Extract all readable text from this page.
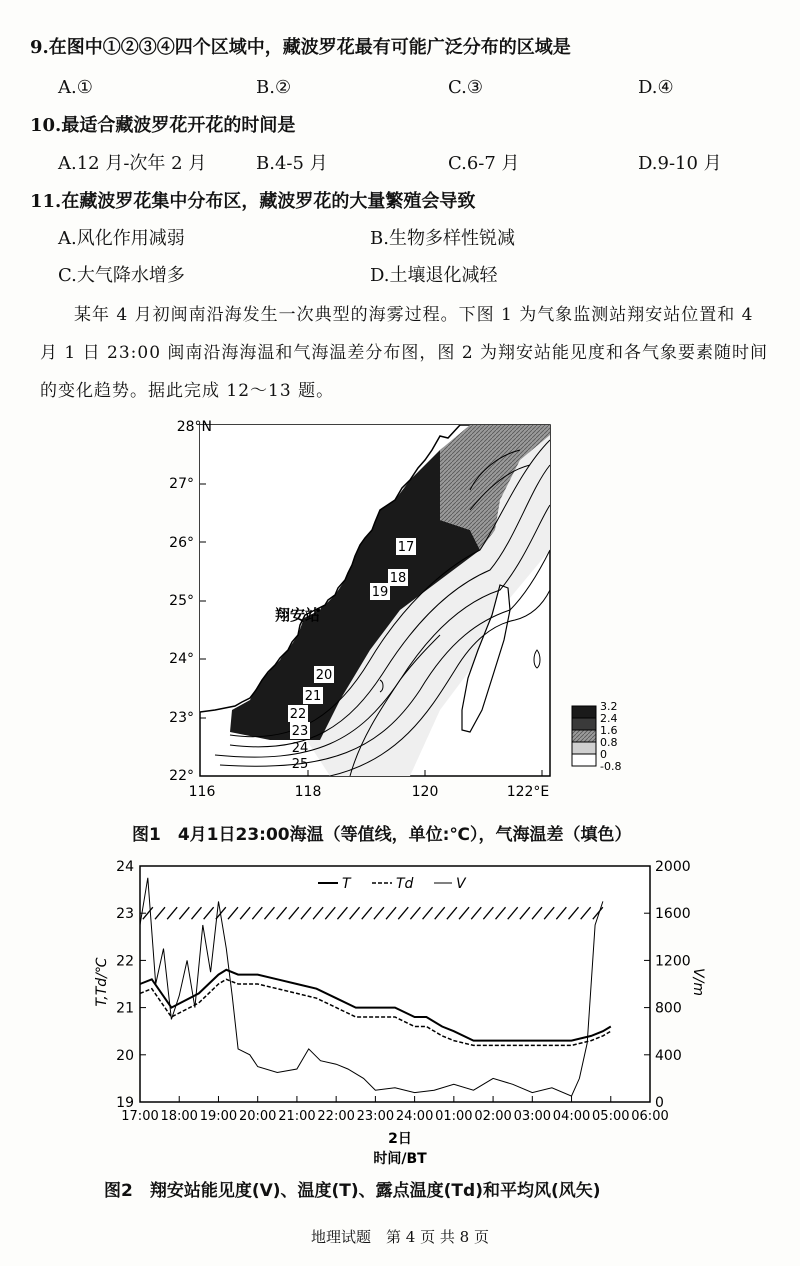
9.在图中①②③④四个区域中，藏波罗花最有可能广泛分布的区域是
A.①	B.②	C.③	D.④
10.最适合藏波罗花开花的时间是
A.12 月-次年 2 月	B.4-5 月	C.6-7 月	D.9-10 月
11.在藏波罗花集中分布区，藏波罗花的大量繁殖会导致
A.风化作用减弱	B.生物多样性锐减
C.大气降水增多	D.土壤退化减轻
某年 4 月初闽南沿海发生一次典型的海雾过程。下图 1 为气象监测站翔安站位置和 4 月 1 日 23:00 闽南沿海海温和气海温差分布图，图 2 为翔安站能见度和各气象要素随时间的变化趋势。据此完成 12～13 题。
17
18
19
20
21
22
23
24
25
翔安站
28°N
27°
26°
25°
24°
23°
22°
116	118	120	122°E
3.2
2.4
1.6
0.8
0
-0.8
图1　4月1日23:00海温（等值线，单位:℃），气海温差（填色）
19
20
21
22
23
24
0
400
800
1200
1600
2000
17:00 18:00 19:00 20:00 21:00 22:00 23:00 24:00 01:00 02:00 03:00 04:00 05:00 06:00
T	Td	V
T,Td/℃	V/m
2日
时间/BT
图2　翔安站能见度(V)、温度(T)、露点温度(Td)和平均风(风矢)
地理试题　第 4 页 共 8 页
